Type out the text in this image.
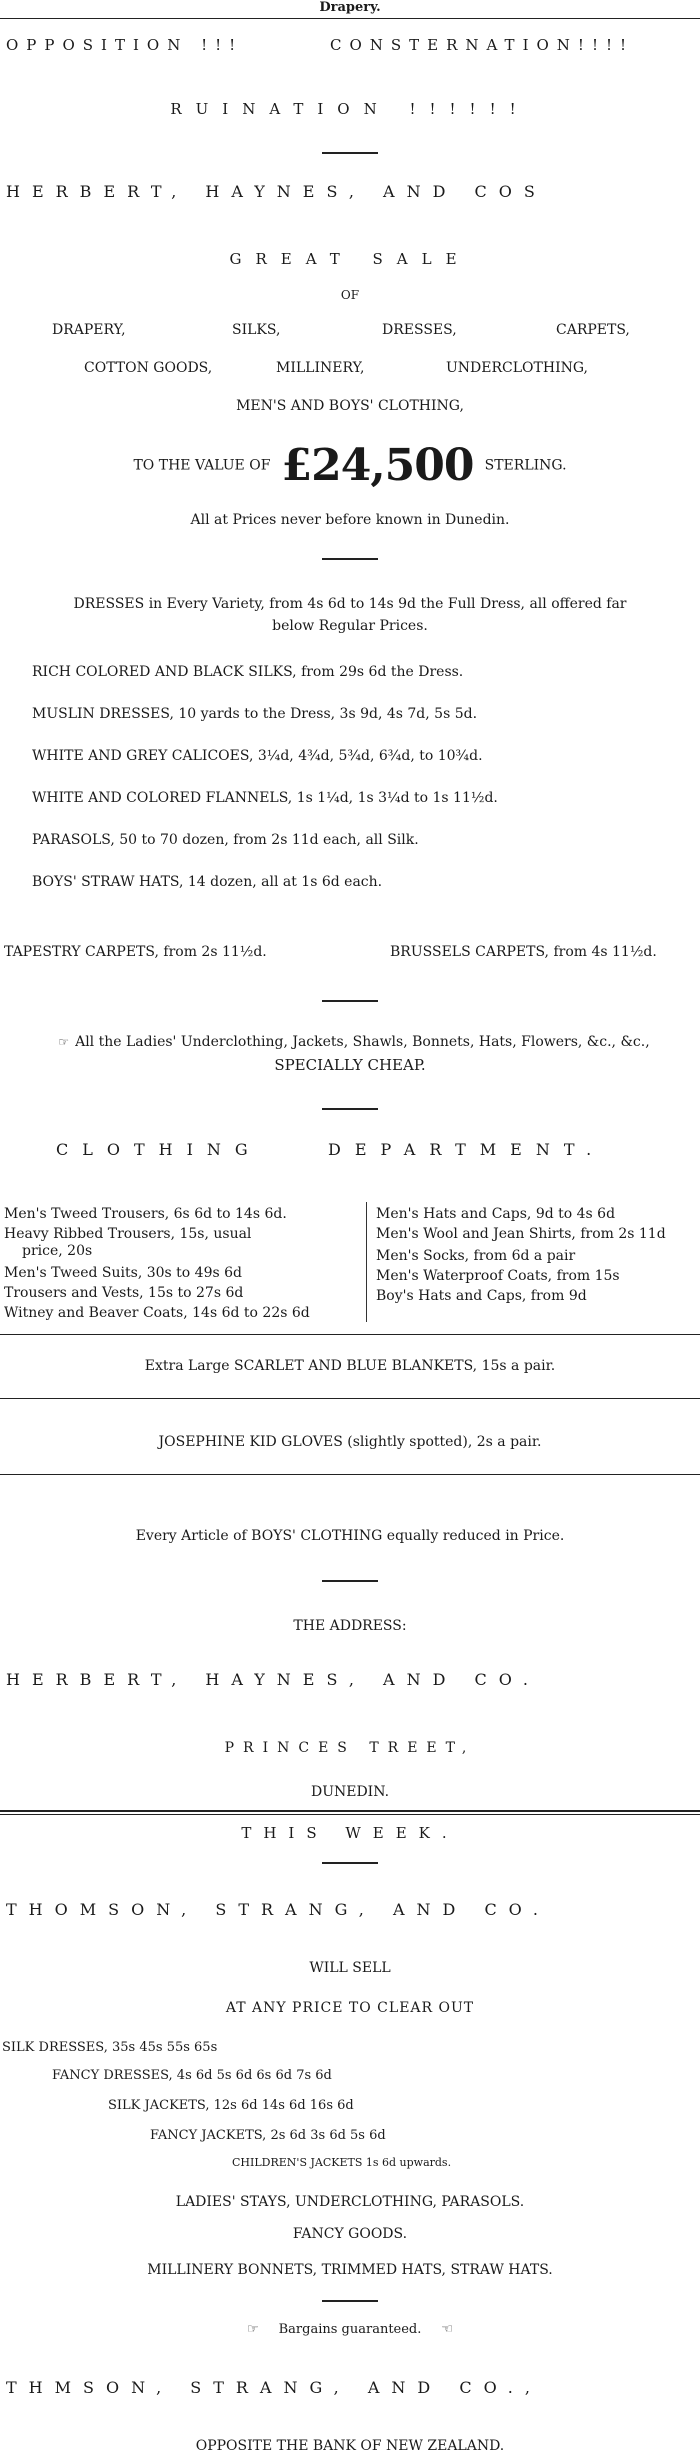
Drapery.
OPPOSITION !!!	CONSTERNATION!!!!
RUINATION !!!!!!
HERBERT, HAYNES, AND COS
GREAT SALE
OF
DRAPERY,	SILKS,	DRESSES,	CARPETS,
COTTON GOODS,	MILLINERY,	UNDERCLOTHING,
MEN'S AND BOYS' CLOTHING,
TO THE VALUE OF £24,500 STERLING.
All at Prices never before known in Dunedin.
DRESSES in Every Variety, from 4s 6d to 14s 9d the Full Dress, all offered far
below Regular Prices.
RICH COLORED AND BLACK SILKS, from 29s 6d the Dress.
MUSLIN DRESSES, 10 yards to the Dress, 3s 9d, 4s 7d, 5s 5d.
WHITE AND GREY CALICOES, 3¼d, 4¾d, 5¾d, 6¾d, to 10¾d.
WHITE AND COLORED FLANNELS, 1s 1¼d, 1s 3¼d to 1s 11½d.
PARASOLS, 50 to 70 dozen, from 2s 11d each, all Silk.
BOYS' STRAW HATS, 14 dozen, all at 1s 6d each.
TAPESTRY CARPETS, from 2s 11½d.	BRUSSELS CARPETS, from 4s 11½d.
☞ All the Ladies' Underclothing, Jackets, Shawls, Bonnets, Hats, Flowers, &c., &c.,
SPECIALLY CHEAP.
CLOTHING	DEPARTMENT.
Men's Tweed Trousers, 6s 6d to 14s 6d.
Heavy Ribbed Trousers, 15s, usual
price, 20s
Men's Tweed Suits, 30s to 49s 6d
Trousers and Vests, 15s to 27s 6d
Witney and Beaver Coats, 14s 6d to 22s 6d
Men's Hats and Caps, 9d to 4s 6d
Men's Wool and Jean Shirts, from 2s 11d
Men's Socks, from 6d a pair
Men's Waterproof Coats, from 15s
Boy's Hats and Caps, from 9d
Extra Large SCARLET AND BLUE BLANKETS, 15s a pair.
JOSEPHINE KID GLOVES (slightly spotted), 2s a pair.
Every Article of BOYS' CLOTHING equally reduced in Price.
THE ADDRESS:
HERBERT, HAYNES, AND CO.
PRINCES TREET,
DUNEDIN.
THIS WEEK.
THOMSON, STRANG, AND CO.
WILL SELL
AT ANY PRICE TO CLEAR OUT
SILK DRESSES, 35s 45s 55s 65s
FANCY DRESSES, 4s 6d 5s 6d 6s 6d 7s 6d
SILK JACKETS, 12s 6d 14s 6d 16s 6d
FANCY JACKETS, 2s 6d 3s 6d 5s 6d
CHILDREN'S JACKETS 1s 6d upwards.
LADIES' STAYS, UNDERCLOTHING, PARASOLS.
FANCY GOODS.
MILLINERY BONNETS, TRIMMED HATS, STRAW HATS.
☞ Bargains guaranteed. ☜
THMSON, STRANG, AND CO.,
OPPOSITE THE BANK OF NEW ZEALAND.
